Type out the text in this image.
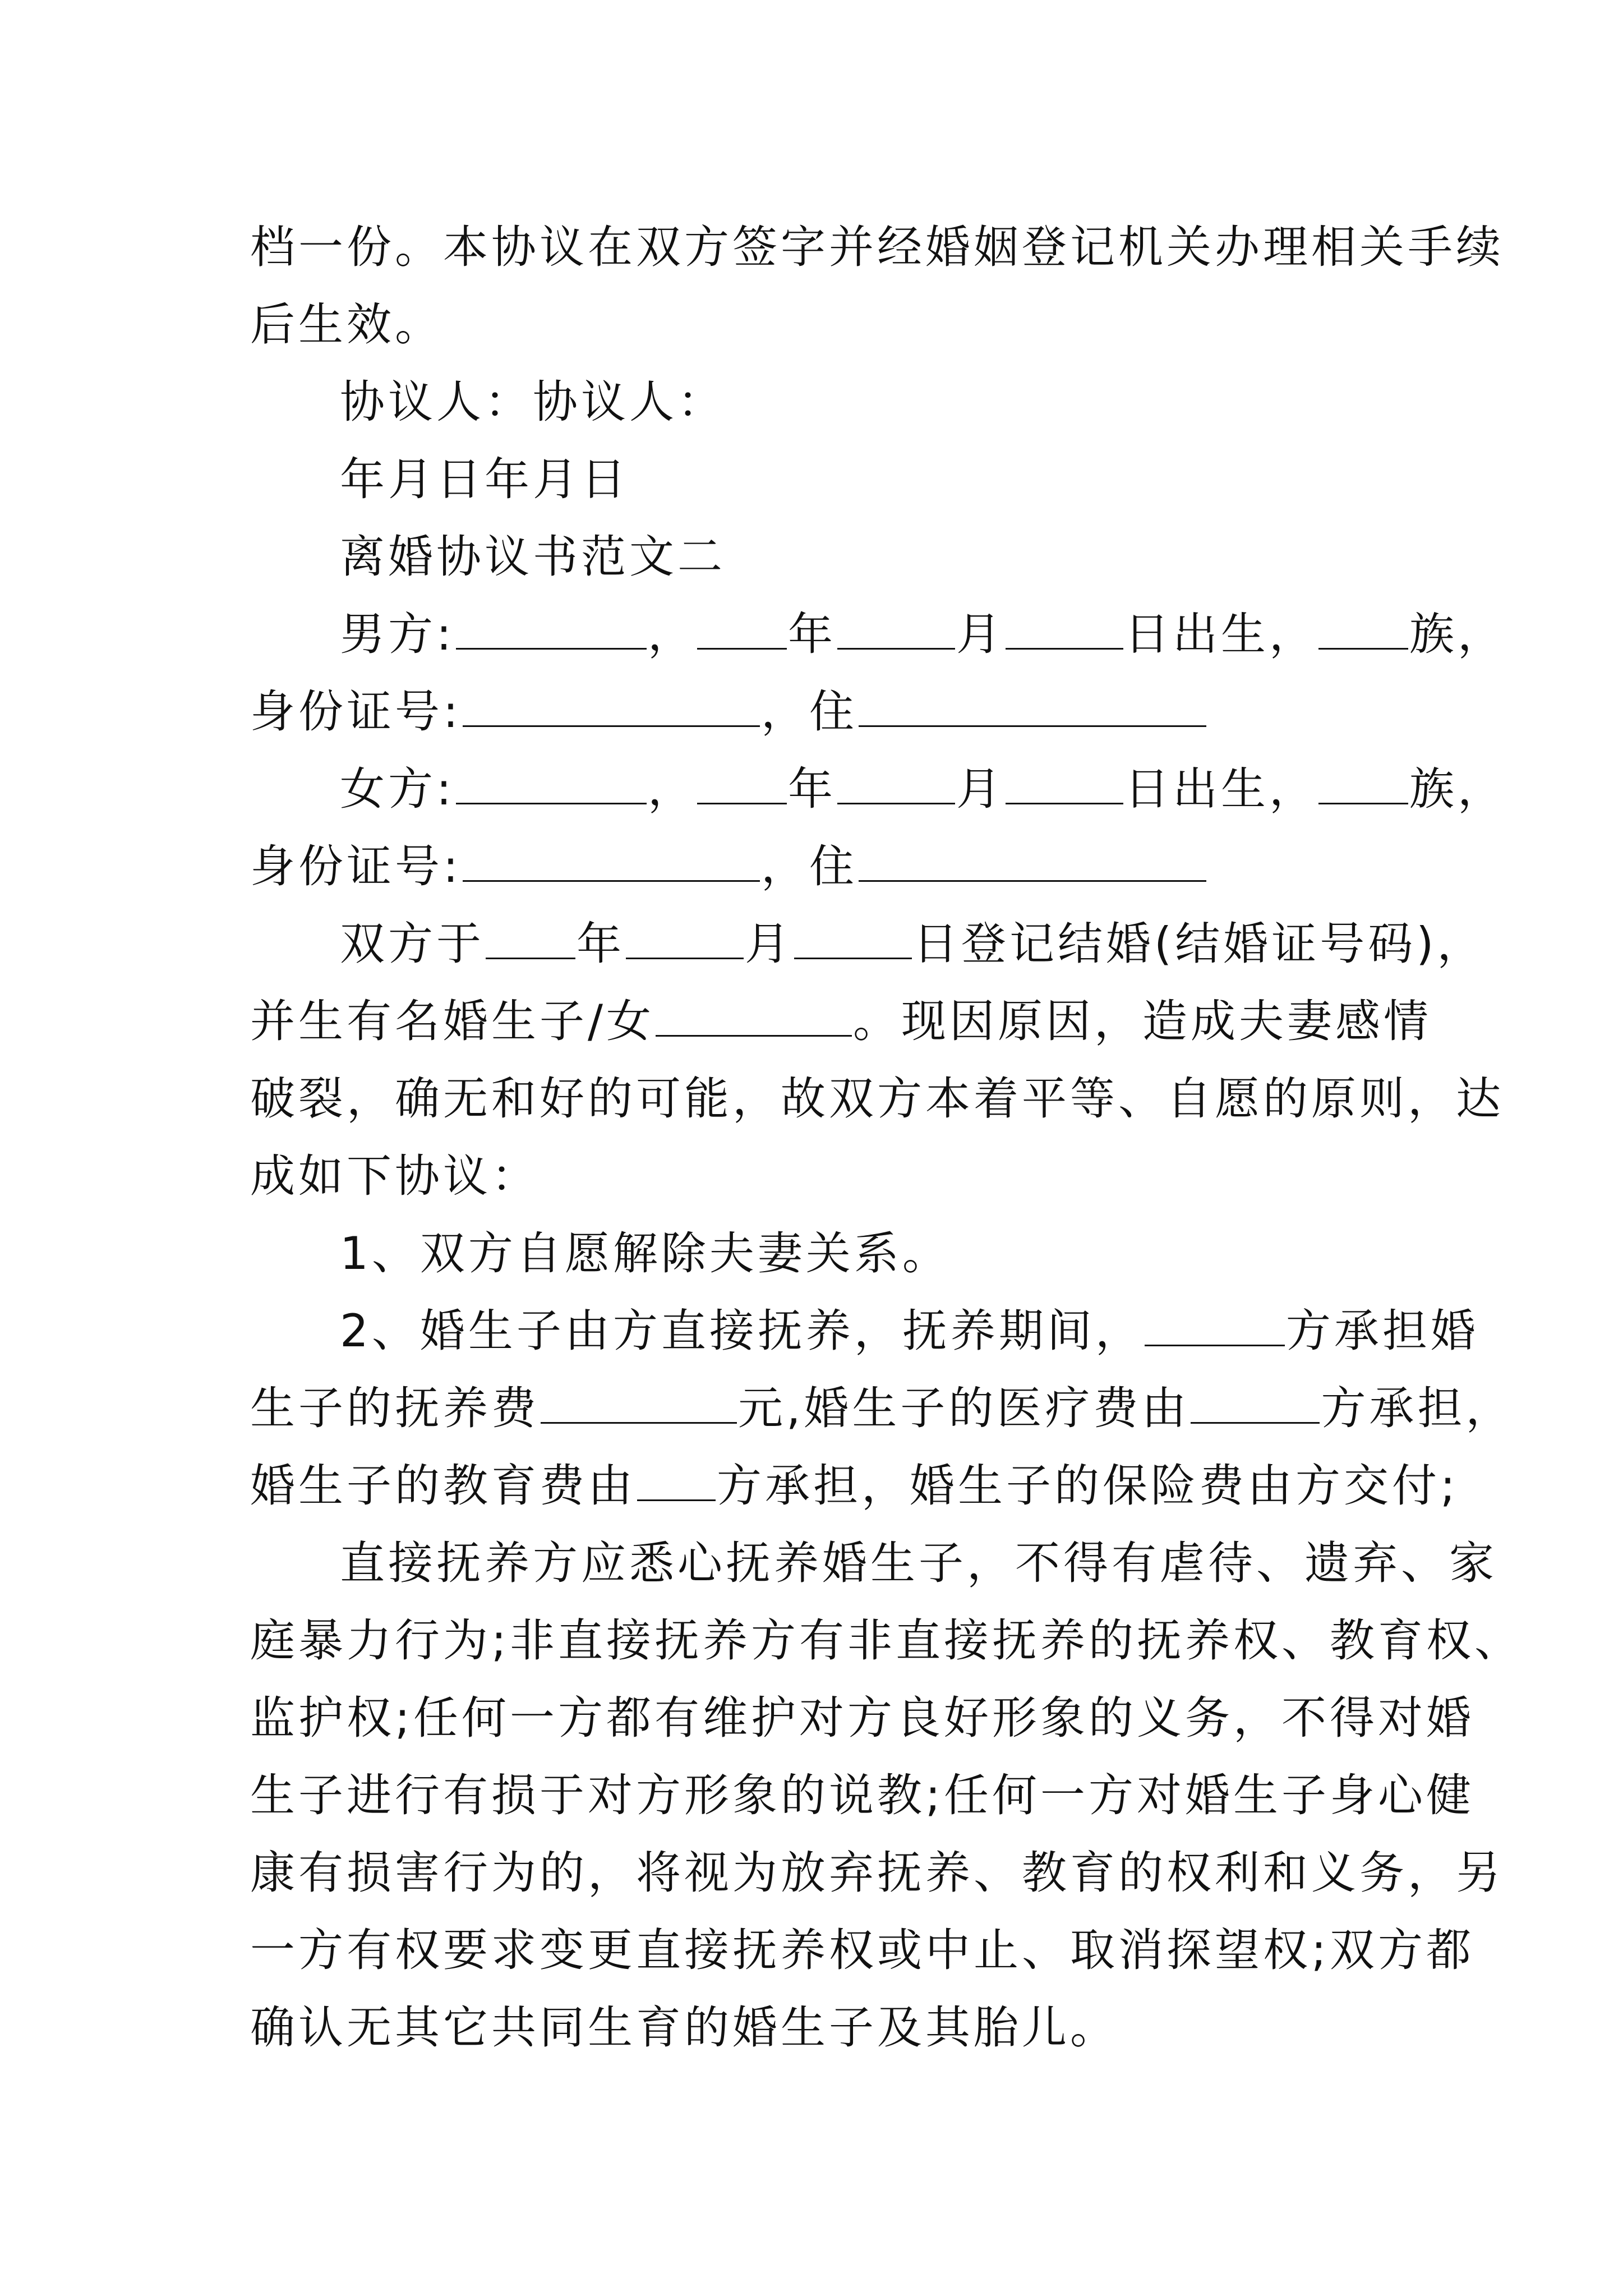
档一份。本协议在双方签字并经婚姻登记机关办理相关手续

后生效。

协议人：协议人：

年月日年月日

离婚协议书范文二

男方:	， 年	月	日出生， 族，

身份证号:	，住

女方:	， 年	月	日出生， 族，

身份证号:	，住

双方于 年	月	日登记结婚(结婚证号码)，

并生有名婚生子/女	。现因原因，造成夫妻感情

破裂，确无和好的可能，故双方本着平等、自愿的原则，达

成如下协议：

1、双方自愿解除夫妻关系。

2、婚生子由方直接抚养，抚养期间，	方承担婚

生子的抚养费	元,婚生子的医疗费由	方承担，

婚生子的教育费由 方承担，婚生子的保险费由方交付;

直接抚养方应悉心抚养婚生子，不得有虐待、遗弃、家

庭暴力行为;非直接抚养方有非直接抚养的抚养权、教育权、

监护权;任何一方都有维护对方良好形象的义务，不得对婚

生子进行有损于对方形象的说教;任何一方对婚生子身心健

康有损害行为的，将视为放弃抚养、教育的权利和义务，另

一方有权要求变更直接抚养权或中止、取消探望权;双方都

确认无其它共同生育的婚生子及其胎儿。
